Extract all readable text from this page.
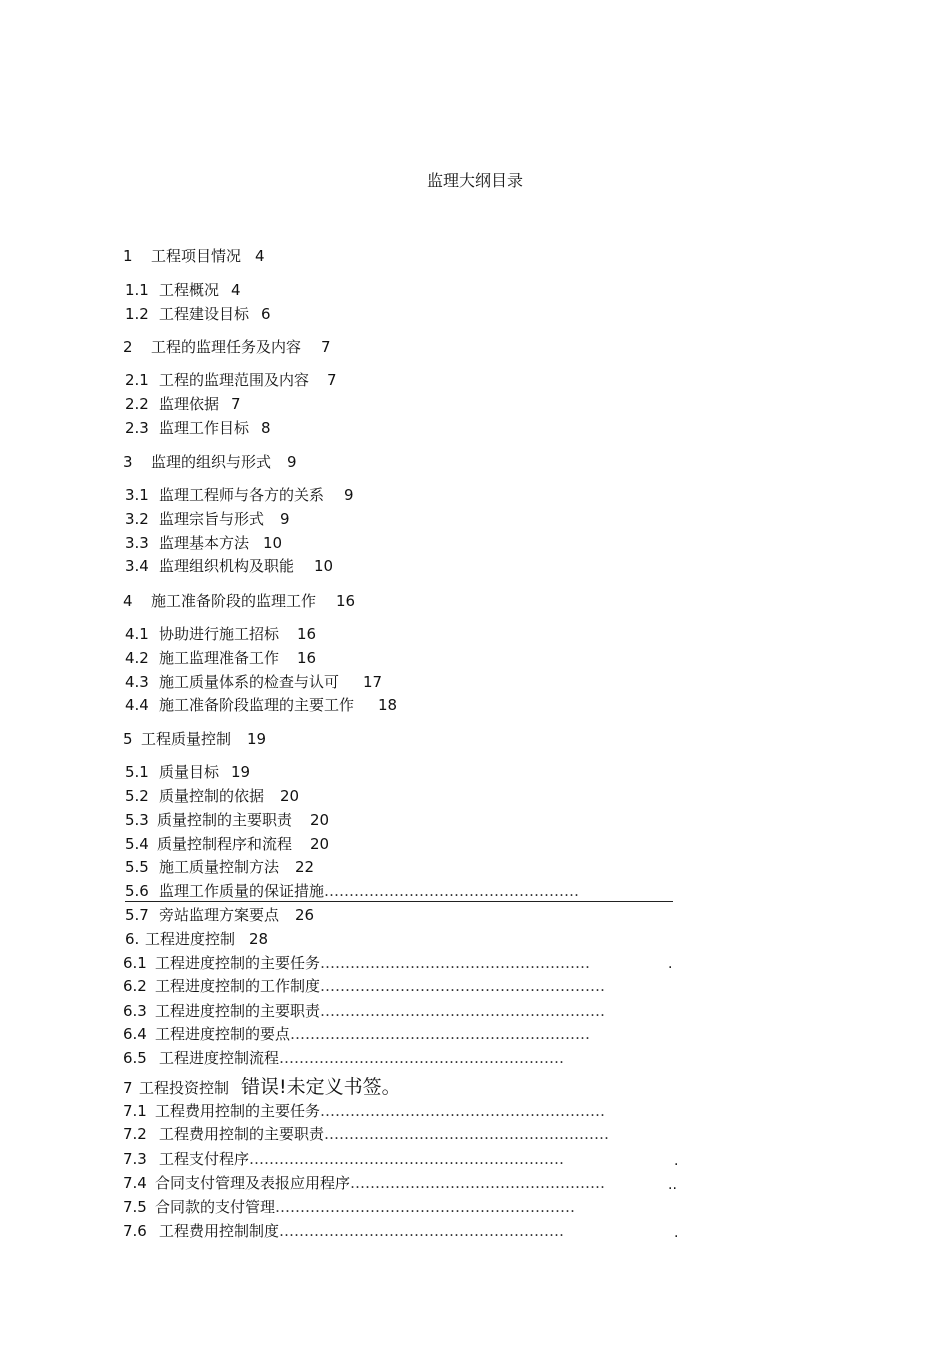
监理大纲目录
1 工程项目情况 4
1.1 工程概况 4
1.2 工程建设目标 6
2 工程的监理任务及内容 7
2.1 工程的监理范围及内容 7
2.2 监理依据 7
2.3 监理工作目标 8
3 监理的组织与形式 9
3.1 监理工程师与各方的关系 9
3.2 监理宗旨与形式 9
3.3 监理基本方法 10
3.4 监理组织机构及职能 10
4 施工准备阶段的监理工作 16
4.1 协助进行施工招标 16
4.2 施工监理准备工作 16
4.3 施工质量体系的检查与认可 17
4.4 施工准备阶段监理的主要工作 18
5 工程质量控制 19
5.1 质量目标 19
5.2 质量控制的依据 20
5.3 质量控制的主要职责 20
5.4 质量控制程序和流程 20
5.5 施工质量控制方法 22
5.6 监理工作质量的保证措施……………………………………………
5.7 旁站监理方案要点 26
6. 工程进度控制 28
6.1 工程进度控制的主要任务………………………………………………	.
6.2 工程进度控制的工作制度…………………………………………………
6.3 工程进度控制的主要职责…………………………………………………
6.4 工程进度控制的要点……………………………………………………
6.5 工程进度控制流程…………………………………………………
7 工程投资控制 错误!未定义书签。
7.1 工程费用控制的主要任务…………………………………………………
7.2 工程费用控制的主要职责…………………………………………………
7.3 工程支付程序………………………………………………………	.
7.4 合同支付管理及表报应用程序……………………………………………	..
7.5 合同款的支付管理……………………………………………………
7.6 工程费用控制制度…………………………………………………	.
